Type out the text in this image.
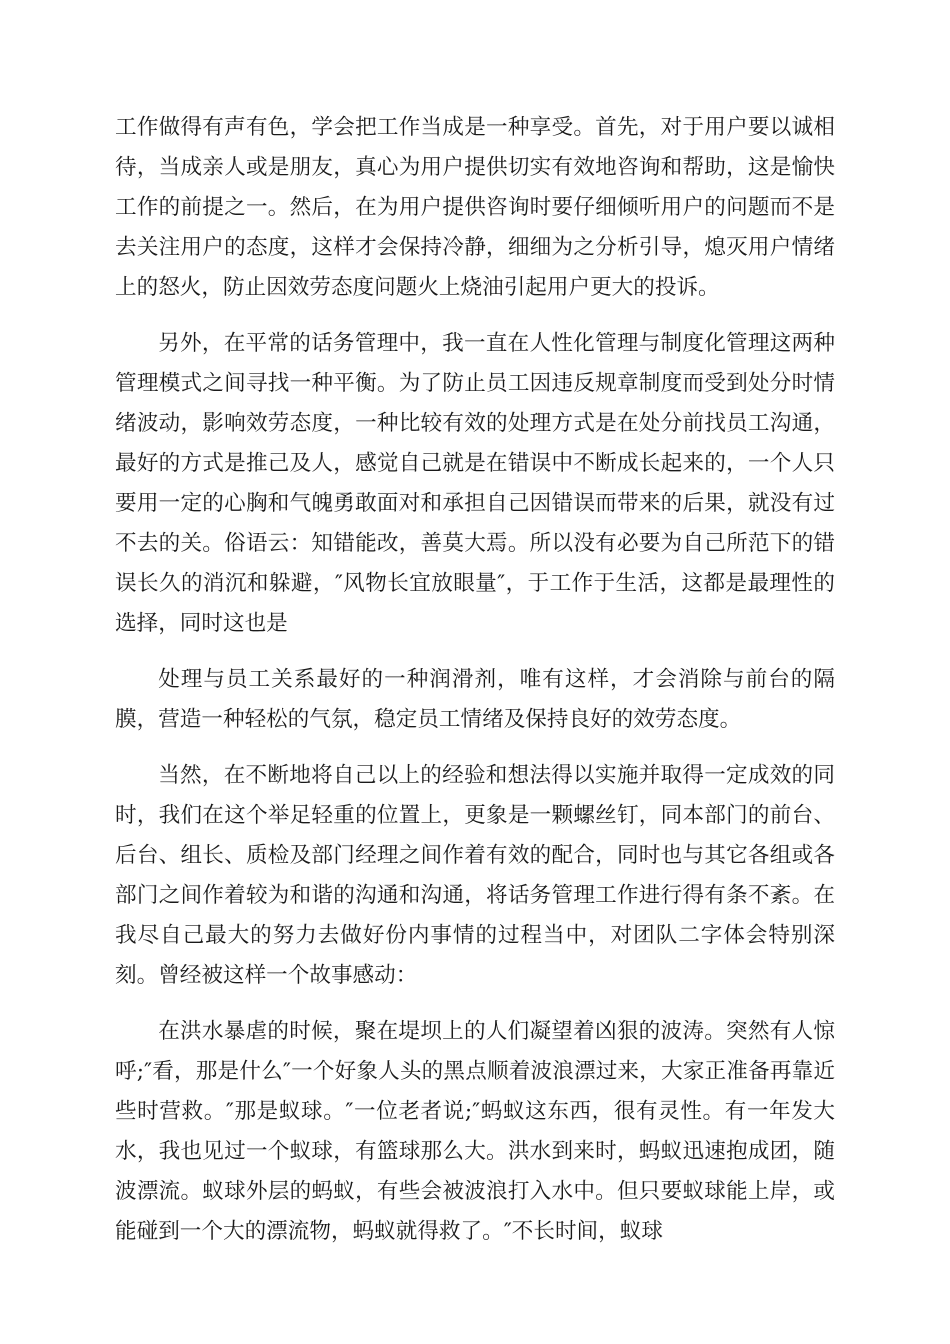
工作做得有声有色，学会把工作当成是一种享受。首先，对于用户要以诚相待，当成亲人或是朋友，真心为用户提供切实有效地咨询和帮助，这是愉快工作的前提之一。然后，在为用户提供咨询时要仔细倾听用户的问题而不是去关注用户的态度，这样才会保持冷静，细细为之分析引导，熄灭用户情绪上的怒火，防止因效劳态度问题火上烧油引起用户更大的投诉。

另外，在平常的话务管理中，我一直在人性化管理与制度化管理这两种管理模式之间寻找一种平衡。为了防止员工因违反规章制度而受到处分时情绪波动，影响效劳态度，一种比较有效的处理方式是在处分前找员工沟通，最好的方式是推己及人，感觉自己就是在错误中不断成长起来的，一个人只要用一定的心胸和气魄勇敢面对和承担自己因错误而带来的后果，就没有过不去的关。俗语云：知错能改，善莫大焉。所以没有必要为自己所范下的错误长久的消沉和躲避，″风物长宜放眼量″，于工作于生活，这都是最理性的选择，同时这也是

处理与员工关系最好的一种润滑剂，唯有这样，才会消除与前台的隔膜，营造一种轻松的气氛，稳定员工情绪及保持良好的效劳态度。

当然，在不断地将自己以上的经验和想法得以实施并取得一定成效的同时，我们在这个举足轻重的位置上，更象是一颗螺丝钉，同本部门的前台、后台、组长、质检及部门经理之间作着有效的配合，同时也与其它各组或各部门之间作着较为和谐的沟通和沟通，将话务管理工作进行得有条不紊。在我尽自己最大的努力去做好份内事情的过程当中，对团队二字体会特别深刻。曾经被这样一个故事感动：

在洪水暴虐的时候，聚在堤坝上的人们凝望着凶狠的波涛。突然有人惊呼;″看，那是什么″一个好象人头的黑点顺着波浪漂过来，大家正准备再靠近些时营救。″那是蚁球。″一位老者说;″蚂蚁这东西，很有灵性。有一年发大水，我也见过一个蚁球，有篮球那么大。洪水到来时，蚂蚁迅速抱成团，随波漂流。蚁球外层的蚂蚁，有些会被波浪打入水中。但只要蚁球能上岸，或能碰到一个大的漂流物，蚂蚁就得救了。″不长时间，蚁球
